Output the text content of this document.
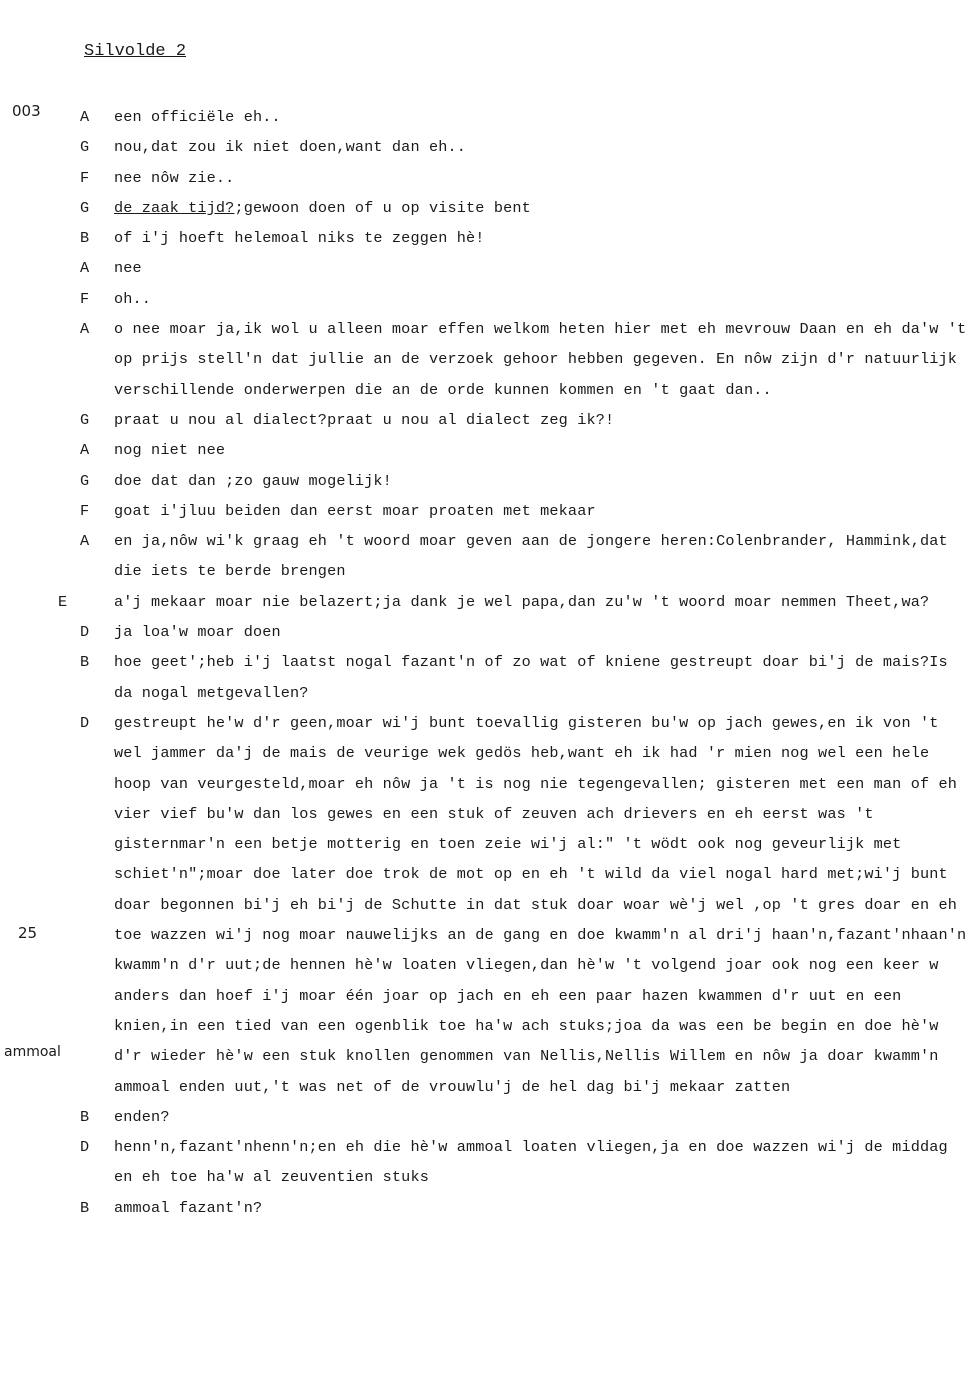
Silvolde 2
25
ammoal
003	A	een officiële eh..
G	nou,dat zou ik niet doen,want dan eh..
F	nee nôw zie..
G	de zaak tijd?;gewoon doen of u op visite bent
B	of i'j hoeft helemoal niks te zeggen hè!
A	nee
F	oh..
A	o nee moar ja,ik wol u alleen moar effen welkom heten hier met eh mevrouw Daan en eh da'w 't op prijs stell'n dat jullie an de verzoek gehoor hebben gegeven. En nôw zijn d'r natuurlijk verschillende onderwerpen die an de orde kunnen kommen en 't gaat dan..
G	praat u nou al dialect?praat u nou al dialect zeg ik?!
A	nog niet nee
G	doe dat dan ;zo gauw mogelijk!
F	goat i'jluu beiden dan eerst moar proaten met mekaar
A	en ja,nôw wi'k graag eh 't woord moar geven aan de jongere heren:Colenbrander, Hammink,dat die iets te berde brengen
E	a'j mekaar moar nie belazert;ja dank je wel papa,dan zu'w 't woord moar nemmen Theet,wa?
D	ja loa'w moar doen
B	hoe geet';heb i'j laatst nogal fazant'n of zo wat of kniene gestreupt doar bi'j de mais?Is da nogal metgevallen?
D	gestreupt he'w d'r geen,moar wi'j bunt toevallig gisteren bu'w op jach gewes,en ik von 't wel jammer da'j de mais de veurige wek gedös heb,want eh ik had 'r mien nog wel een hele hoop van veurgesteld,moar eh nôw ja 't is nog nie tegengevallen; gisteren met een man of eh vier vief bu'w dan los gewes en een stuk of zeuven ach drievers en eh eerst was 't gisternmar'n een betje motterig en toen zeie wi'j al:" 't wödt ook nog geveurlijk met schiet'n";moar doe later doe trok de mot op en eh 't wild da viel nogal hard met;wi'j bunt doar begonnen bi'j eh bi'j de Schutte in dat stuk doar woar wè'j wel ,op 't gres doar en eh toe wazzen wi'j nog moar nauwelijks an de gang en doe kwamm'n al dri'j haan'n,fazant'nhaan'n kwamm'n d'r uut;de hennen hè'w loaten vliegen,dan hè'w 't volgend joar ook nog een keer w anders dan hoef i'j moar één joar op jach en eh een paar hazen kwammen d'r uut en een knien,in een tied van een ogenblik toe ha'w ach stuks;joa da was een be begin en doe hè'w d'r wieder hè'w een stuk knollen genommen van Nellis,Nellis Willem en nôw ja doar kwamm'n ammoal enden uut,'t was net of de vrouwlu'j de hel dag bi'j mekaar zatten
B	enden?
D	henn'n,fazant'nhenn'n;en eh die hè'w ammoal loaten vliegen,ja en doe wazzen wi'j de middag en eh toe ha'w al zeuventien stuks
B	ammoal fazant'n?
